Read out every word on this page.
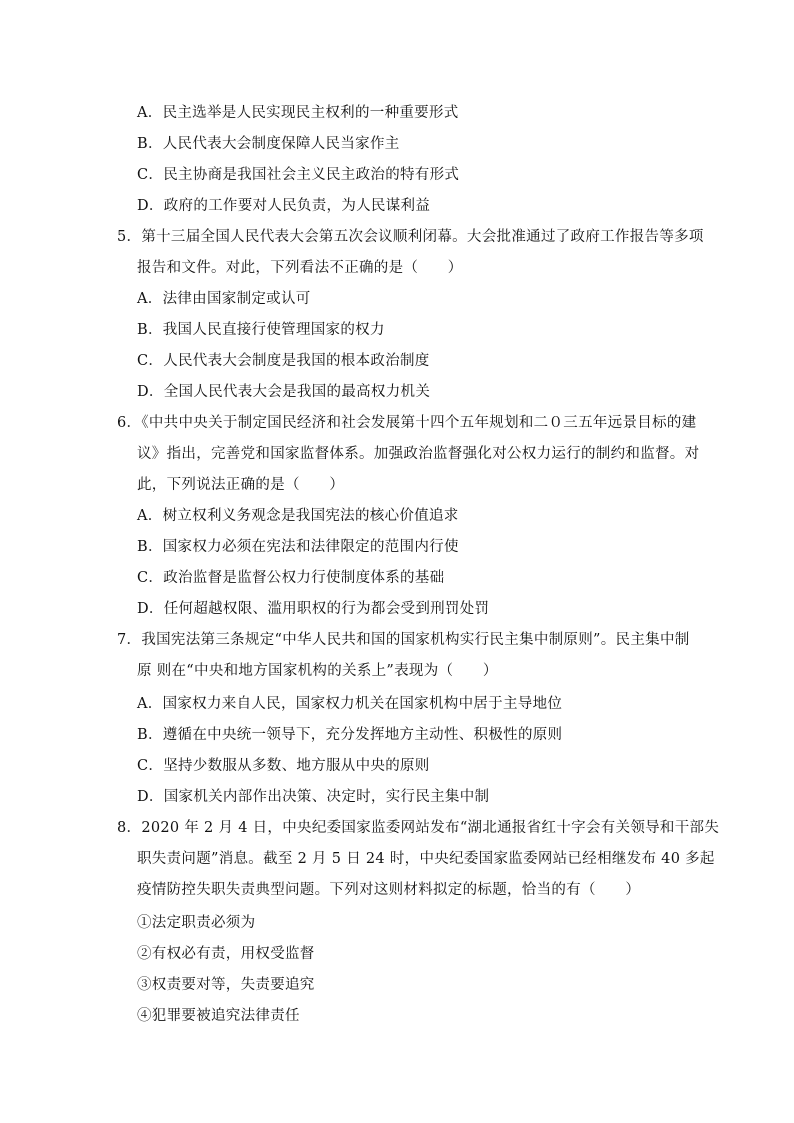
A．民主选举是人民实现民主权利的一种重要形式
B．人民代表大会制度保障人民当家作主
C．民主协商是我国社会主义民主政治的特有形式
D．政府的工作要对人民负责，为人民谋利益
5．第十三届全国人民代表大会第五次会议顺利闭幕。大会批准通过了政府工作报告等多项
报告和文件。对此，下列看法不正确的是（　　）
A．法律由国家制定或认可
B．我国人民直接行使管理国家的权力
C．人民代表大会制度是我国的根本政治制度
D．全国人民代表大会是我国的最高权力机关
6．《中共中央关于制定国民经济和社会发展第十四个五年规划和二０三五年远景目标的建
议》指出，完善党和国家监督体系。加强政治监督强化对公权力运行的制约和监督。对
此，下列说法正确的是（　　）
A．树立权利义务观念是我国宪法的核心价值追求
B．国家权力必须在宪法和法律限定的范围内行使
C．政治监督是监督公权力行使制度体系的基础
D．任何超越权限、滥用职权的行为都会受到刑罚处罚
7．我国宪法第三条规定“中华人民共和国的国家机构实行民主集中制原则”。民主集中制
原 则在“中央和地方国家机构的关系上”表现为（　　）
A．国家权力来自人民，国家权力机关在国家机构中居于主导地位
B．遵循在中央统一领导下，充分发挥地方主动性、积极性的原则
C．坚持少数服从多数、地方服从中央的原则
D．国家机关内部作出决策、决定时，实行民主集中制
8．2020 年 2 月 4 日，中央纪委国家监委网站发布“湖北通报省红十字会有关领导和干部失
职失责问题”消息。截至 2 月 5 日 24 时，中央纪委国家监委网站已经相继发布 40 多起
疫情防控失职失责典型问题。下列对这则材料拟定的标题，恰当的有（　　）
①法定职责必须为
②有权必有责，用权受监督
③权责要对等，失责要追究
④犯罪要被追究法律责任
